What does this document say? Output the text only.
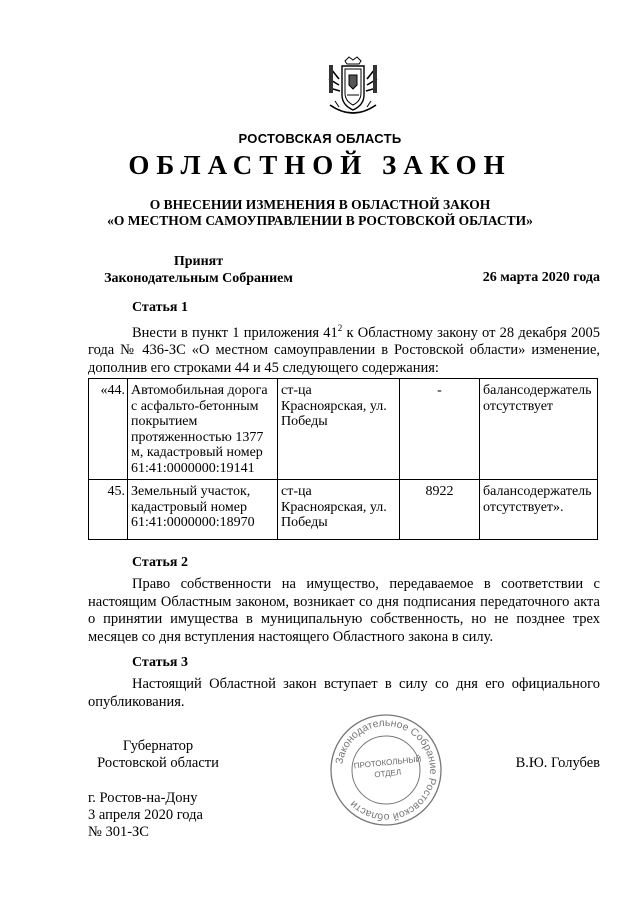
РОСТОВСКАЯ ОБЛАСТЬ
ОБЛАСТНОЙ ЗАКОН
О ВНЕСЕНИИ ИЗМЕНЕНИЯ В ОБЛАСТНОЙ ЗАКОН
«О МЕСТНОМ САМОУПРАВЛЕНИИ В РОСТОВСКОЙ ОБЛАСТИ»
Принят
Законодательным Собранием	26 марта 2020 года
Статья 1

Внести в пункт 1 приложения $41^2$ к Областному закону от 28 декабря 2005 года № 436-ЗС «О местном самоуправлении в Ростовской области» изменение, дополнив его строками 44 и 45 следующего содержания:

«44.	Автомобильная дорога с асфальто-бетонным покрытием протяженностью 1377 м, кадастровый номер 61:41:0000000:19141	ст-ца Красноярская, ул. Победы	-	балансодержатель отсутствует
45.	Земельный участок, кадастровый номер 61:41:0000000:18970	ст-ца Красноярская, ул. Победы	8922	балансодержатель отсутствует».
Статья 2

Право собственности на имущество, передаваемое в соответствии с настоящим Областным законом, возникает со дня подписания передаточного акта о принятии имущества в муниципальную собственность, но не позднее трех месяцев со дня вступления настоящего Областного закона в силу.

Статья 3

Настоящий Областной закон вступает в силу со дня его официального опубликования.

Губернатор
Ростовской области	В.Ю. Голубев
Законодательное Собрание Ростовской области
ПРОТОКОЛЬНЫЙ
ОТДЕЛ
г. Ростов-на-Дону
3 апреля 2020 года
№ 301-ЗС
